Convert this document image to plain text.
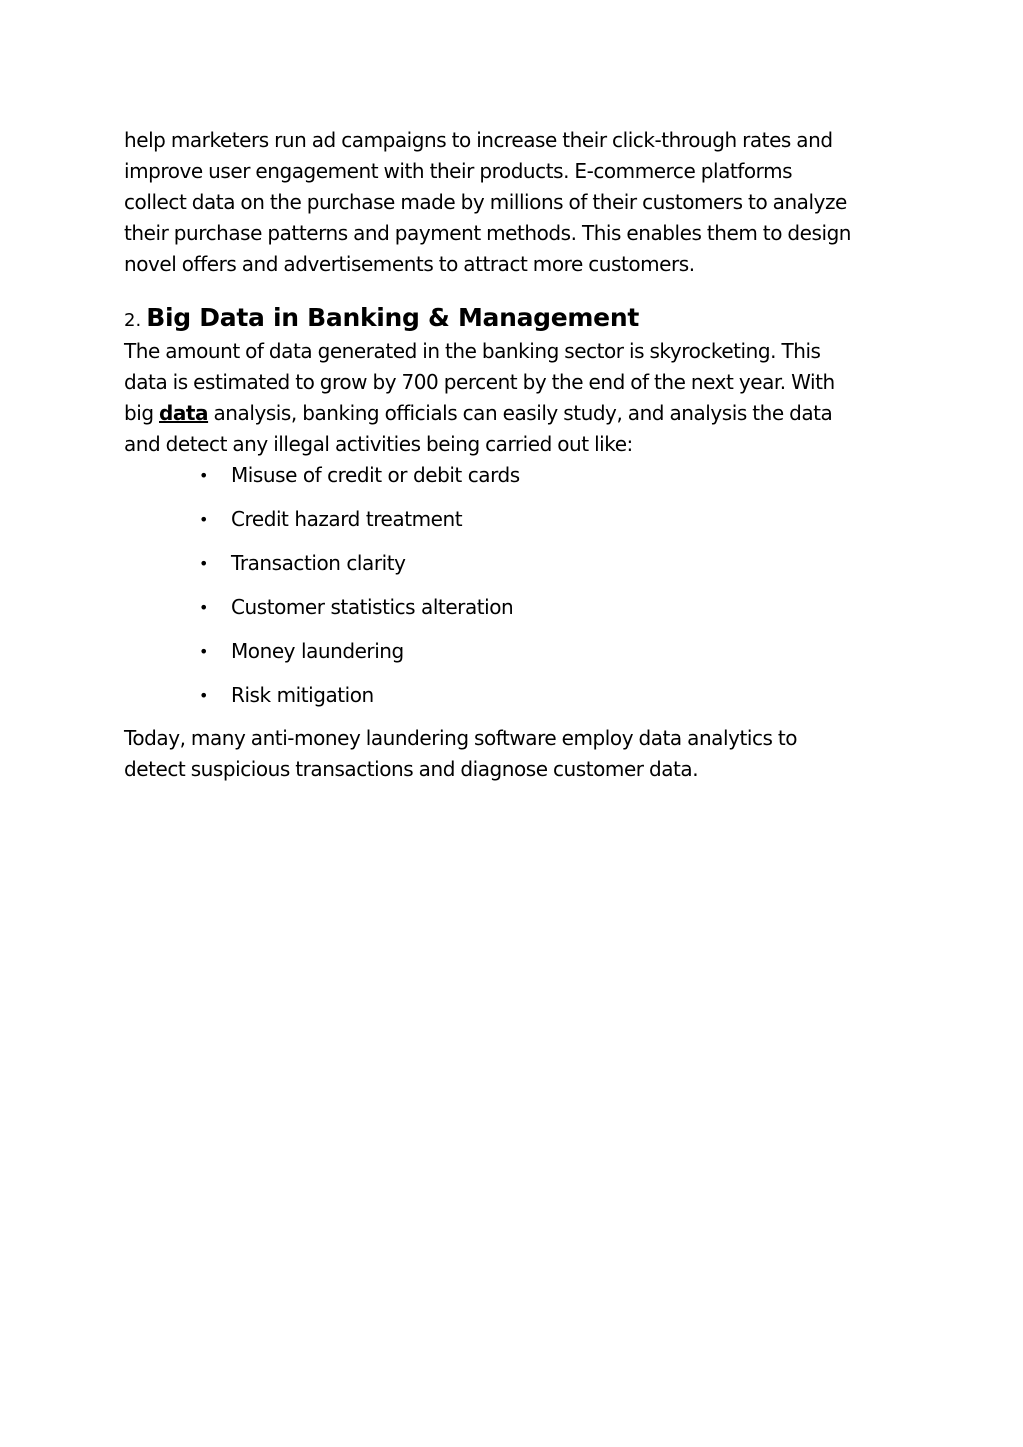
help marketers run ad campaigns to increase their click-through rates and
improve user engagement with their products. E-commerce platforms
collect data on the purchase made by millions of their customers to analyze
their purchase patterns and payment methods. This enables them to design
novel offers and advertisements to attract more customers.
2. Big Data in Banking & Management
The amount of data generated in the banking sector is skyrocketing. This
data is estimated to grow by 700 percent by the end of the next year. With
big data analysis, banking officials can easily study, and analysis the data
and detect any illegal activities being carried out like:
• Misuse of credit or debit cards
• Credit hazard treatment
• Transaction clarity
• Customer statistics alteration
• Money laundering
• Risk mitigation
Today, many anti-money laundering software employ data analytics to
detect suspicious transactions and diagnose customer data.
